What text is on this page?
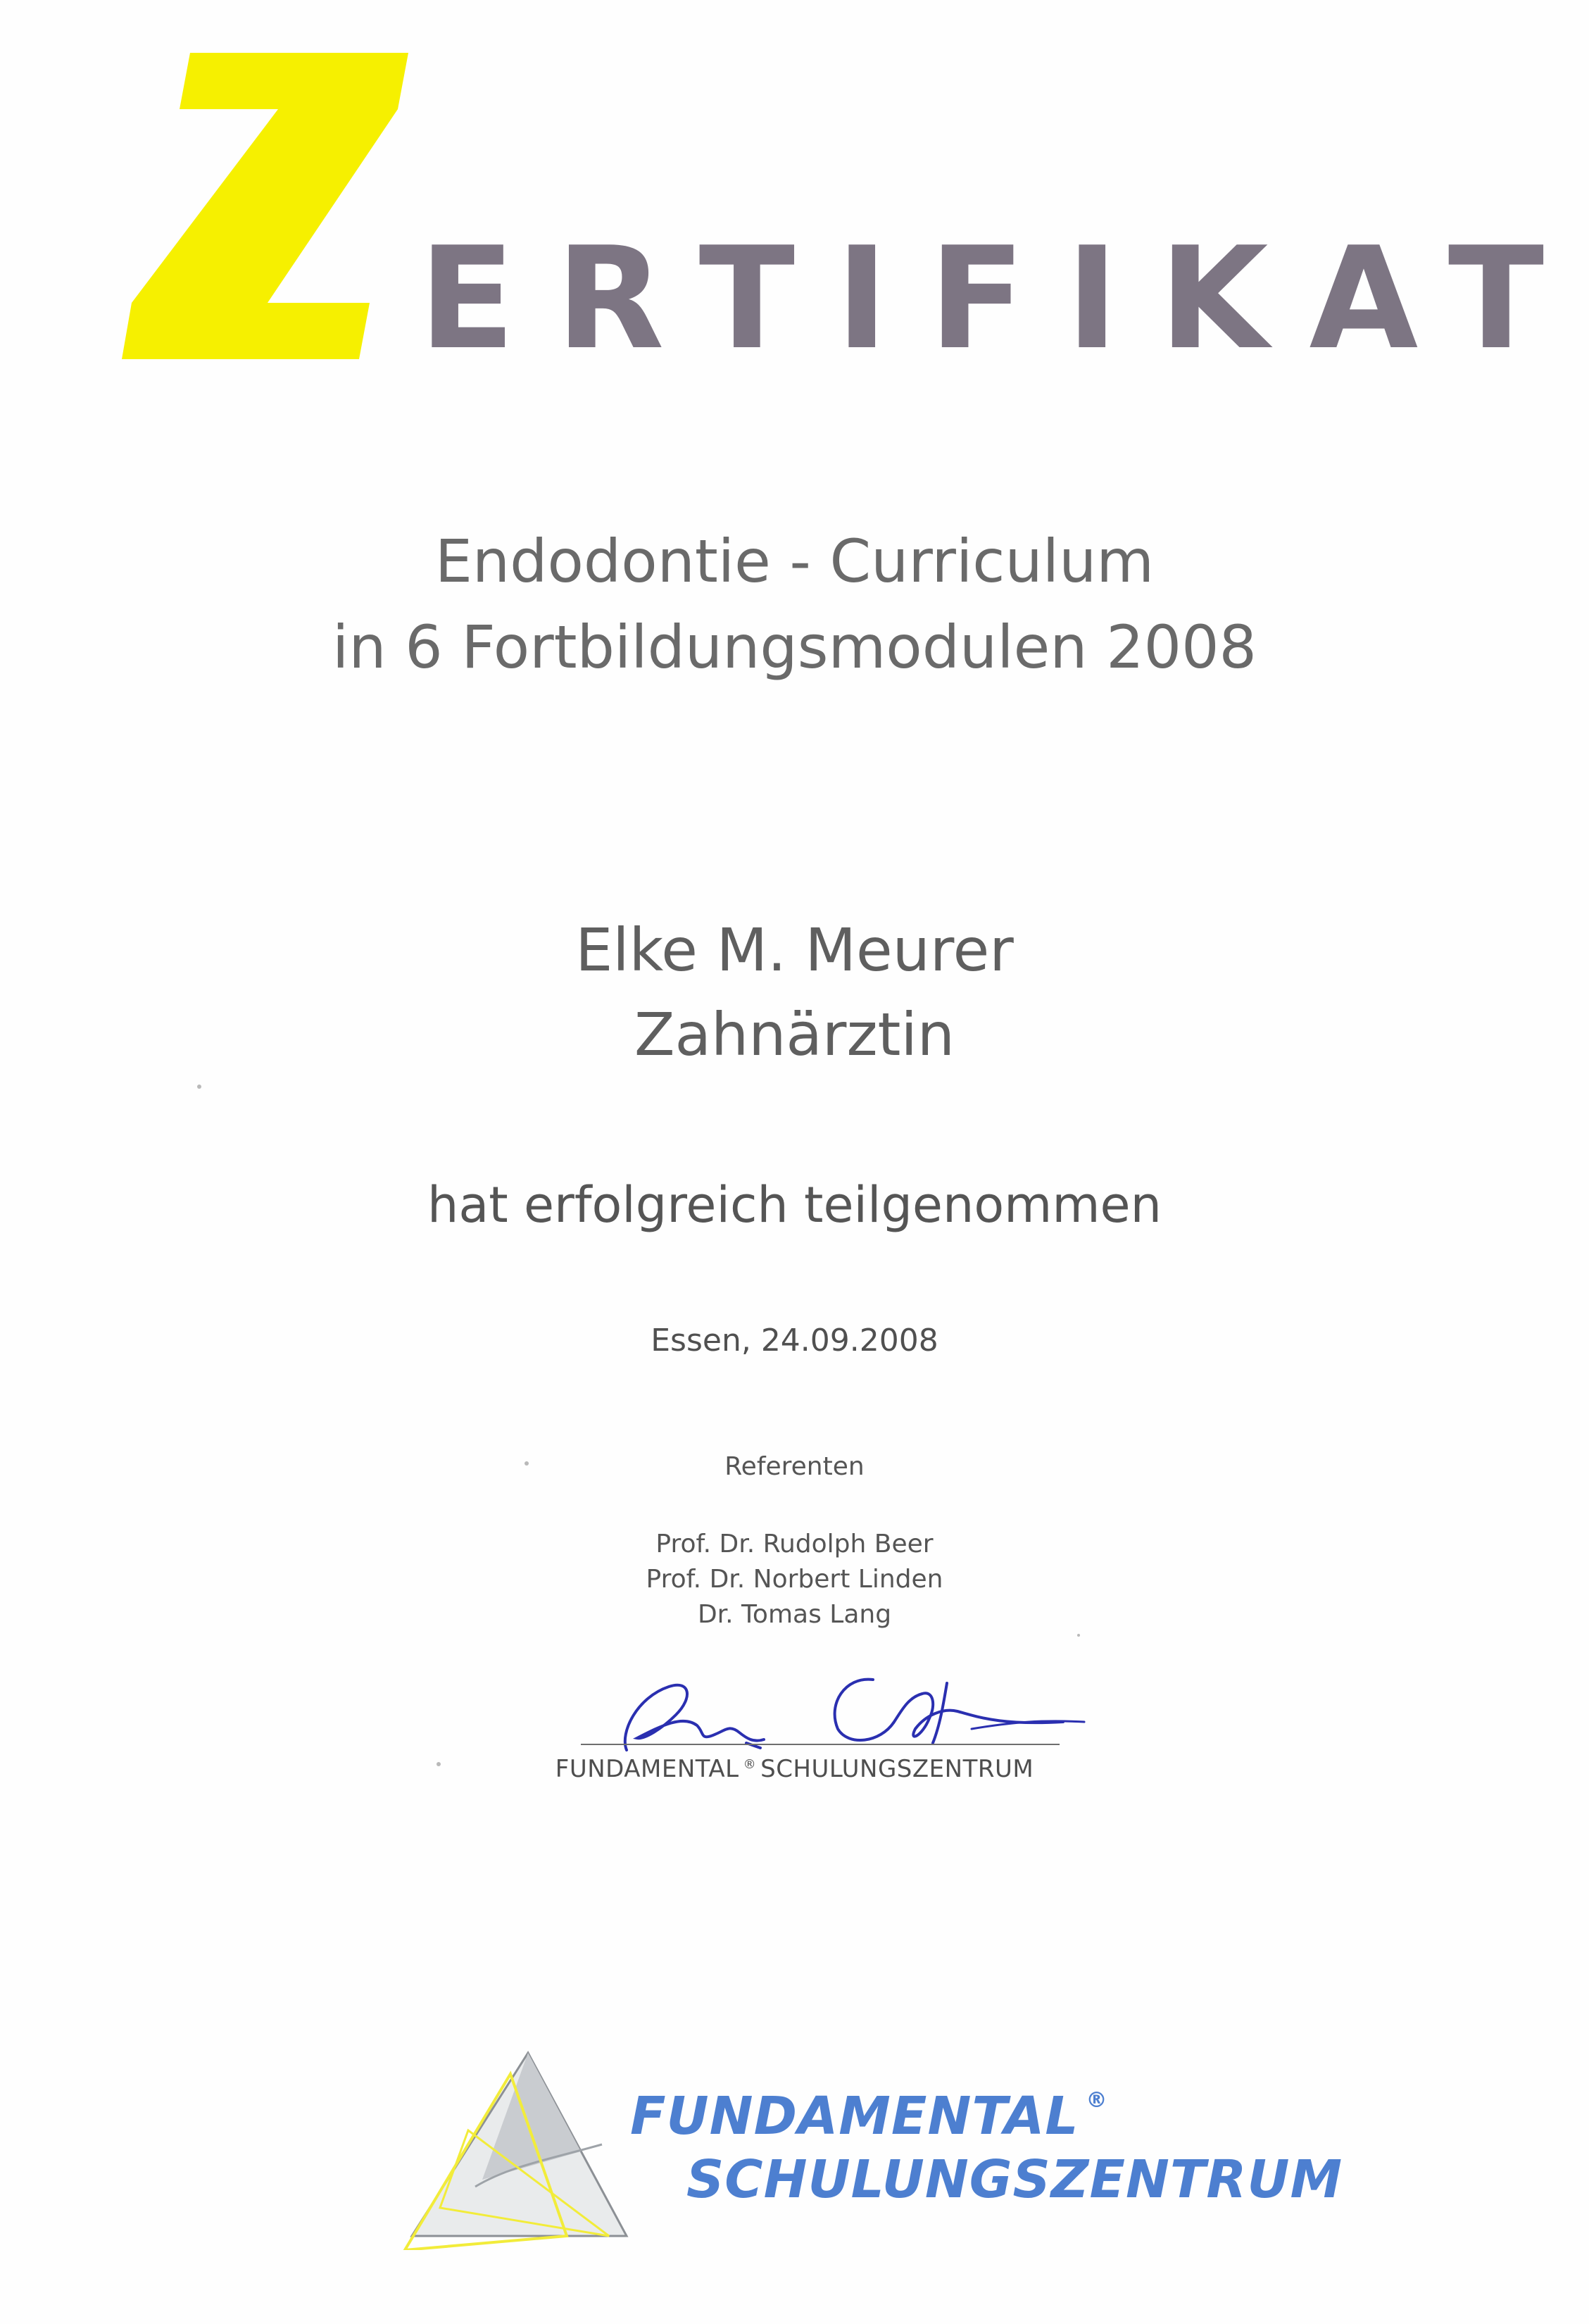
ERTIFIKAT
Endodontie - Curriculum
in 6 Fortbildungsmodulen 2008
Elke M. Meurer
Zahnärztin
hat erfolgreich teilgenommen
Essen, 24.09.2008
Referenten
Prof. Dr. Rudolph Beer
Prof. Dr. Norbert Linden
Dr. Tomas Lang
FUNDAMENTAL ® SCHULUNGSZENTRUM
FUNDAMENTAL ®
SCHULUNGSZENTRUM
